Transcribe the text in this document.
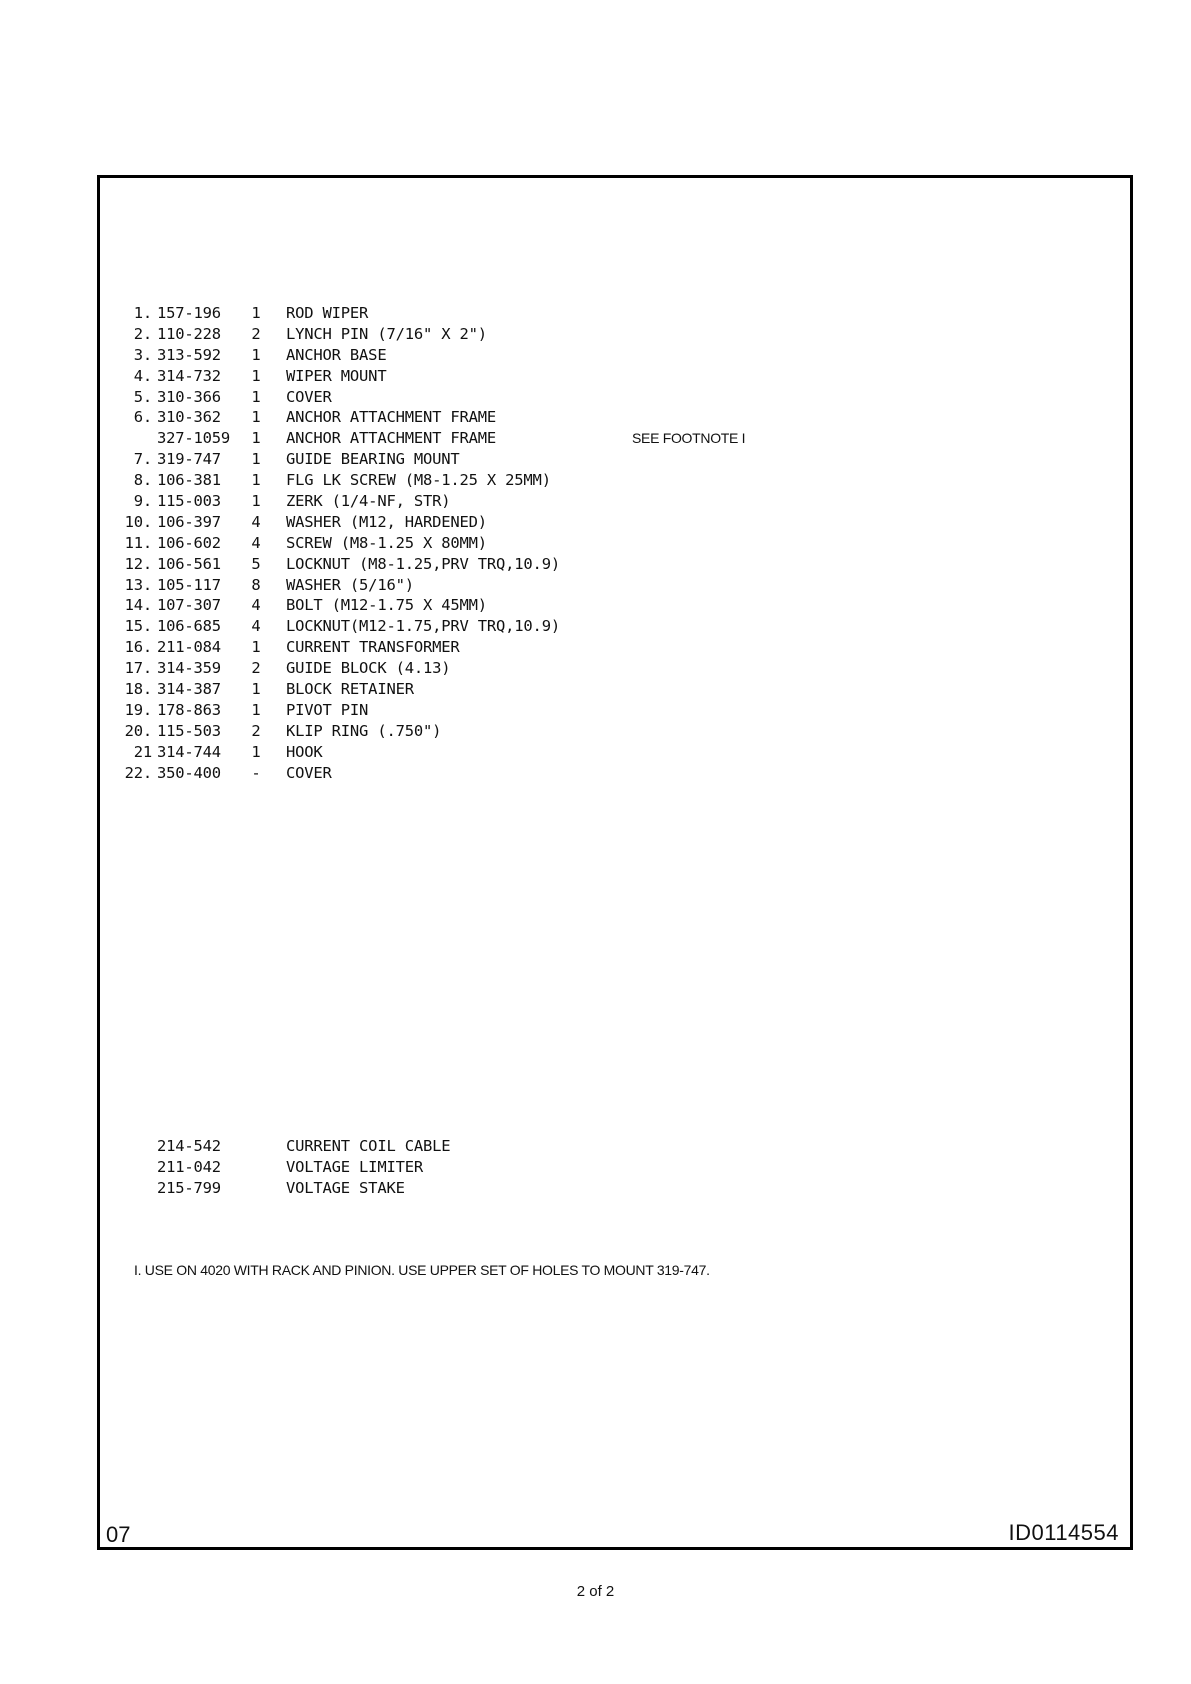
1. 157-196 1 ROD WIPER
2. 110-228 2 LYNCH PIN (7/16" X 2")
3. 313-592 1 ANCHOR BASE
4. 314-732 1 WIPER MOUNT
5. 310-366 1 COVER
6. 310-362 1 ANCHOR ATTACHMENT FRAME
327-1059 1 ANCHOR ATTACHMENT FRAME	SEE FOOTNOTE I
7. 319-747 1 GUIDE BEARING MOUNT
8. 106-381 1 FLG LK SCREW (M8-1.25 X 25MM)
9. 115-003 1 ZERK (1/4-NF, STR)
10. 106-397 4 WASHER (M12, HARDENED)
11. 106-602 4 SCREW (M8-1.25 X 80MM)
12. 106-561 5 LOCKNUT (M8-1.25,PRV TRQ,10.9)
13. 105-117 8 WASHER (5/16")
14. 107-307 4 BOLT (M12-1.75 X 45MM)
15. 106-685 4 LOCKNUT(M12-1.75,PRV TRQ,10.9)
16. 211-084 1 CURRENT TRANSFORMER
17. 314-359 2 GUIDE BLOCK (4.13)
18. 314-387 1 BLOCK RETAINER
19. 178-863 1 PIVOT PIN
20. 115-503 2 KLIP RING (.750")
21 314-744 1 HOOK
22. 350-400 - COVER
214-542	CURRENT COIL CABLE
211-042	VOLTAGE LIMITER
215-799	VOLTAGE STAKE
I. USE ON 4020 WITH RACK AND PINION. USE UPPER SET OF HOLES TO MOUNT 319-747.
07	ID0114554
2 of 2
